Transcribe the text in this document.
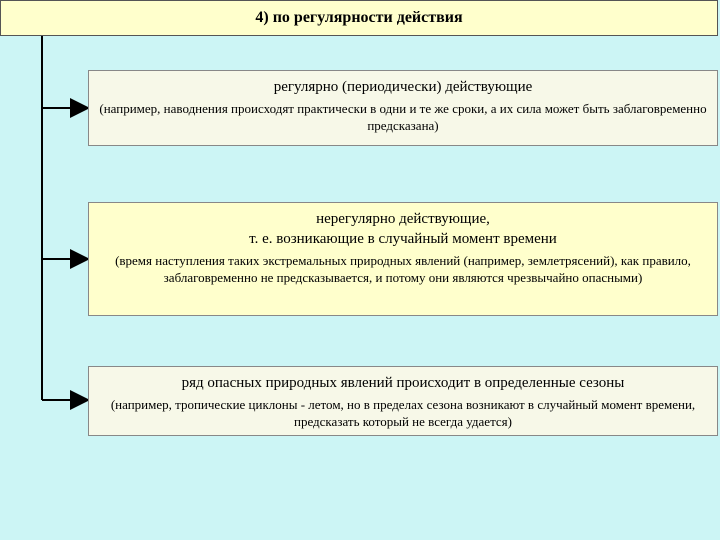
4) по регулярности действия
регулярно (периодически) действующие
(например, наводнения происходят практически в одни и те же сроки, а их сила может быть заблаговременно предсказана)
нерегулярно действующие,
т. е. возникающие в случайный момент времени
(время наступления таких экстремальных природных явлений (например, землетрясений), как правило, заблаговременно не предсказывается, и потому они являются чрезвычайно опасными)
ряд опасных природных явлений происходит в определенные сезоны
(например, тропические циклоны - летом, но в пределах сезона возникают в случайный момент времени, предсказать который не всегда удается)
